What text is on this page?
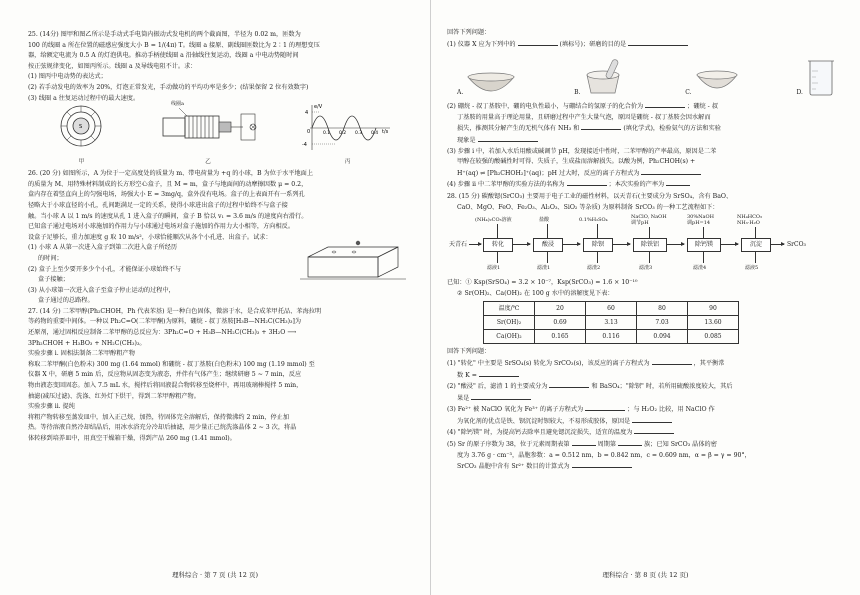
25. (14分) 图甲和图乙所示是手动式手电筒内振动式发电机的两个截面图，半径为 0.02 m，匝数为

100 的线圈 a 所在位置的磁感应强度大小 B = 1/(4π) T。线圈 a 接原、副线圈匝数比为 2∶1 的理想变压

器，给额定电流为 0.5 A 的灯泡供电。推动手柄使线圈 a 沿轴线往复运动，线圈 a 中电动势随时间

按正弦规律变化，如图丙所示。线圈 a 及导线电阻不计。求：

(1) 图丙中电动势的表达式；

(2) 若手动发电的效率为 20%，灯泡正常发光，手动做功的平均功率是多少；(结果保留 2 位有效数字)

(3) 线圈 a 往复运动过程中的最大速度。

S
甲
线圈a
乙
e/V
t/s
4
-4
0	0.1 0.2 0.3 0.4
丙

26. (20 分) 如图所示，A 为位于一定高度处的质量为 m、带电荷量为 +q 的小球，B 为位于水平地面上

的质量为 M、用特殊材料制成的长方形空心盒子，且 M = m，盒子与地面间的动摩擦因数 μ = 0.2，

盒内存在着竖直向上的匀强电场，场强大小 E = 3mg/q，盒外没有电场。盒子的上表面开有一系列孔

径略大于小球直径的小孔，孔间距满足一定的关系，使得小球进出盒子的过程中始终不与盒子接

触。当小球 A 以 1 m/s 的速度从孔 1 进入盒子的瞬间，盒子 B 恰以 v₁ = 3.6 m/s 的速度向右滑行。

已知盒子通过电场对小球施加的作用力与小球通过电场对盒子施加的作用力大小相等，方向相反。

设盒子足够长，重力加速度 g 取 10 m/s²，小球恰能顺次从各个小孔进、出盒子。试求：

(1) 小球 A 从第一次进入盒子到第二次进入盒子所经历

的时间；

(2) 盒子上至少要开多少个小孔，才能保证小球始终不与

盒子接触；

(3) 从小球第一次进入盒子至盒子停止运动的过程中，

盒子通过的总路程。

27. (14 分) 二苯甲醇(Ph₂CHOH，Ph 代表苯基) 是一种白色固体，微溶于水，是合成苯甲托品、苯海拉明

等药物的重要中间体。一种以 Ph₂C=O(二苯甲酮)为原料，硼烷 - 叔丁基胺[H₃B—NH₂C(CH₃)₃]为

还原剂，通过固相反应制备二苯甲醇的总反应为：3Ph₂C=O + H₃B—NH₂C(CH₃)₃ + 3H₂O ⟶

3Ph₂CHOH + H₃BO₃ + NH₂C(CH₃)₃。

实验步骤 i. 固相法制备二苯甲醇粗产物

称取二苯甲酮(白色粉末) 300 mg (1.64 mmol) 和硼烷 - 叔丁基胺(白色粉末) 100 mg (1.19 mmol) 至

仪器 X 中，研磨 5 min 后，反应物从固态变为液态，并伴有气体产生；继续研磨 5 ~ 7 min，反应

物由液态变回固态。加入 7.5 mL 水，搅拌后将固液混合物转移至烧杯中，再用玻璃棒搅拌 5 min，

抽滤(减压过滤)、洗涤、红外灯下烘干，得到二苯甲醇粗产物。

实验步骤 ii. 提纯

将粗产物转移至蒸发皿中，加入正己烷，加热，待固体完全溶解后，保持微沸约 2 min，停止加

热。等待溶液自然冷却结晶后，用冰水浴充分冷却后抽滤，用少量正己烷洗涤晶体 2 ~ 3 次，将晶

体转移到培养皿中，用真空干燥箱干燥，得到产品 260 mg (1.41 mmol)。

理科综合 · 第 7 页 (共 12 页)

回答下列问题：

(1) 仪器 X 应为下列中的	(填标号)；研磨的目的是

A.	B.	C.	D.

(2) 硼烷 - 叔丁基胺中，硼的电负性最小，与硼结合的氢原子的化合价为	；硼烷 - 叔

丁基胺的用量高于理论用量，且研磨过程中产生大量气泡，原因是硼烷 - 叔丁基胺会因水解而

损失，推测其分解产生的无机气体有 NH₃ 和	(填化学式)，检验氨气的方法和实验

现象是

(3) 步骤 i 中，若加入水后用酸或碱调节 pH，发现接近中性时，二苯甲醇的产率最高，原因是二苯

甲醇在较强的酸碱性时可得、失质子，生成盐而溶解损失。以酸为例，Ph₂CHOH(s) +

H⁺(aq) ⇌ [Ph₂CHOH₂]⁺(aq)；pH 过大时，反应的离子方程式为

(4) 步骤 ii 中二苯甲醇的实验方法的名称为	；本次实验的产率为

28. (15 分) 碳酸锶(SrCO₃) 主要用于电子工业的磁性材料，以天青石(主要成分为 SrSO₄，含有 BaO、

CaO、MgO、FeO、Fe₂O₃、Al₂O₃、SiO₂ 等杂质) 为原料制备 SrCO₃ 的一种工艺流程如下：

天青石	转化	酸浸	除钡	除铁铝	除钙镁	沉淀	SrCO₃
(NH₄)₂CO₃溶液	盐酸	0.1%H₂SO₄	NaClO, NaOH
调节pH
30%NaOH
调pH=14
NH₄HCO₃
NH₃·H₂O
滤液1	滤渣1	滤渣2	滤渣3	滤渣4	滤液5

已知：① Ksp(SrSO₄) = 3.2 × 10⁻⁷，Ksp(SrCO₃) = 1.6 × 10⁻¹⁰

② Sr(OH)₂、Ca(OH)₂ 在 100 g 水中的溶解度见下表：

温度/℃	20	60	80	90
Sr(OH)₂	0.69	3.13	7.03	13.60
Ca(OH)₂	0.165	0.116	0.094	0.085

回答下列问题：

(1) "转化" 中主要是 SrSO₄(s) 转化为 SrCO₃(s)，该反应的离子方程式为	，其平衡常

数 K =

(2) "酸浸" 后，滤渣 1 的主要成分为	和 BaSO₄；"除钡" 时，若所用硫酸浓度较大，其后

果是

(3) Fe²⁺ 被 NaClO 氧化为 Fe³⁺ 的离子方程式为	；与 H₂O₂ 比较，用 NaClO 作

为氧化剂的优点是铁、钡沉淀时钡较大，不易形成胶体，原因是

(4) "除钙镁" 时，为提高钙去除率且避免锶沉淀损失，适宜的温度为

(5) Sr 的原子序数为 38，位于元素周期表第	周期第	族；已知 SrCO₃ 晶体的密

度为 3.76 g · cm⁻³，晶胞参数：a = 0.512 nm，b = 0.842 nm，c = 0.609 nm，α = β = γ = 90°，

SrCO₃ 晶胞中含有 Sr²⁺ 数目的计算式为

理科综合 · 第 8 页 (共 12 页)
